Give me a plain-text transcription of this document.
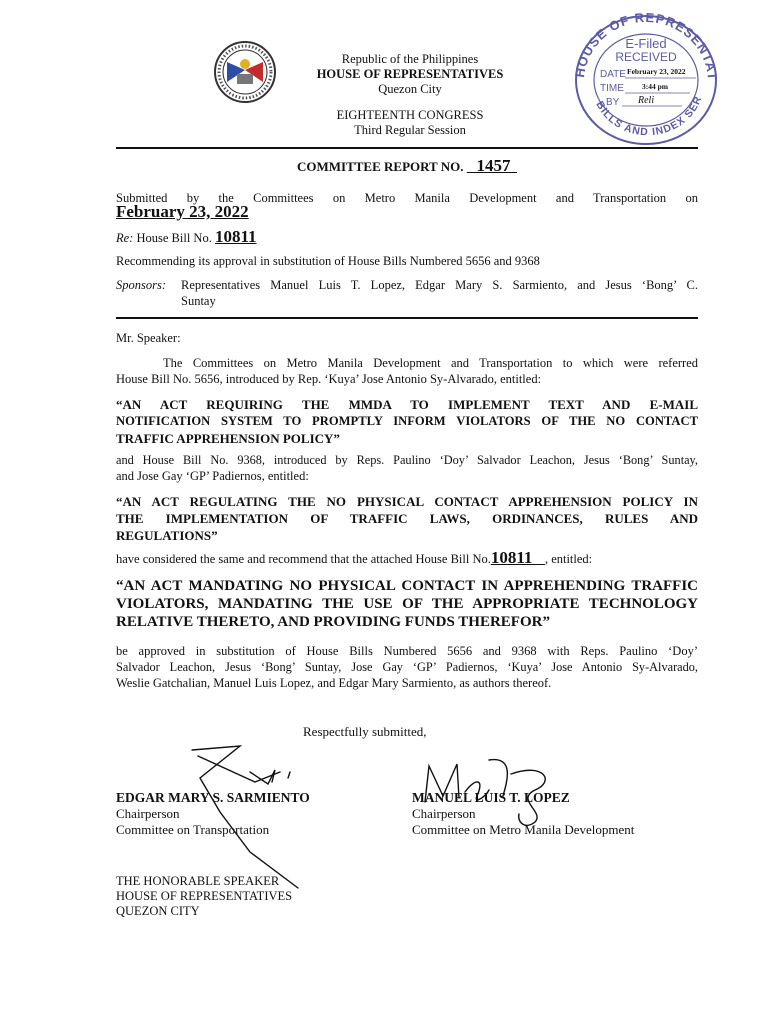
Republic of the Philippines
HOUSE OF REPRESENTATIVES
Quezon City
EIGHTEENTH CONGRESS
Third Regular Session
HOUSE OF REPRESENTAT
BILLS AND INDEX SER
E-Filed
RECEIVED
DATE February 23, 2022
TIME 3:44 pm
BY Reli
COMMITTEE REPORT NO. 1457
Submitted by the Committees on Metro Manila Development and Transportation on
February 23, 2022
Re: House Bill No. 10811
Recommending its approval in substitution of House Bills Numbered 5656 and 9368
Sponsors: Representatives Manuel Luis T. Lopez, Edgar Mary S. Sarmiento, and Jesus ‘Bong’ C.
Suntay
Mr. Speaker:
The Committees on Metro Manila Development and Transportation to which were referred
House Bill No. 5656, introduced by Rep. ‘Kuya’ Jose Antonio Sy-Alvarado, entitled:
“AN ACT REQUIRING THE MMDA TO IMPLEMENT TEXT AND E-MAIL
NOTIFICATION SYSTEM TO PROMPTLY INFORM VIOLATORS OF THE NO CONTACT
TRAFFIC APPREHENSION POLICY”
and House Bill No. 9368, introduced by Reps. Paulino ‘Doy’ Salvador Leachon, Jesus ‘Bong’ Suntay,
and Jose Gay ‘GP’ Padiernos, entitled:
“AN ACT REGULATING THE NO PHYSICAL CONTACT APPREHENSION POLICY IN
THE IMPLEMENTATION OF TRAFFIC LAWS, ORDINANCES, RULES AND
REGULATIONS”
have considered the same and recommend that the attached House Bill No.10811 , entitled:
“AN ACT MANDATING NO PHYSICAL CONTACT IN APPREHENDING TRAFFIC
VIOLATORS, MANDATING THE USE OF THE APPROPRIATE TECHNOLOGY
RELATIVE THERETO, AND PROVIDING FUNDS THEREFOR”
be approved in substitution of House Bills Numbered 5656 and 9368 with Reps. Paulino ‘Doy’
Salvador Leachon, Jesus ‘Bong’ Suntay, Jose Gay ‘GP’ Padiernos, ‘Kuya’ Jose Antonio Sy-Alvarado,
Weslie Gatchalian, Manuel Luis Lopez, and Edgar Mary Sarmiento, as authors thereof.
Respectfully submitted,
EDGAR MARY S. SARMIENTO
Chairperson
Committee on Transportation
MANUEL LUIS T. LOPEZ
Chairperson
Committee on Metro Manila Development
THE HONORABLE SPEAKER
HOUSE OF REPRESENTATIVES
QUEZON CITY
